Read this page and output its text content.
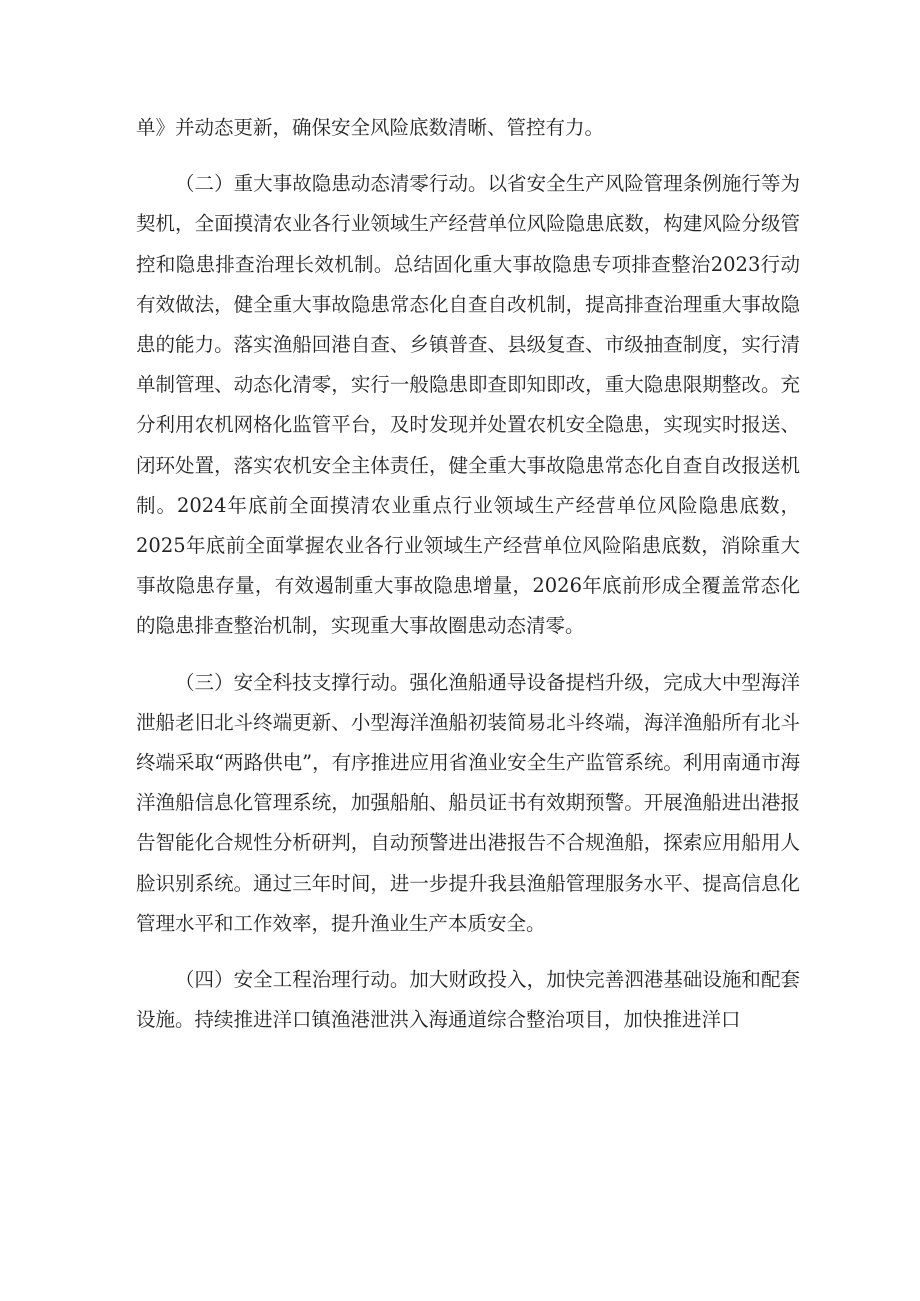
单》并动态更新，确保安全风险底数清晰、管控有力。

（二）重大事故隐患动态清零行动。以省安全生产风险管理条例施行等为契机，全面摸清农业各行业领域生产经营单位风险隐患底数，构建风险分级管控和隐患排查治理长效机制。总结固化重大事故隐患专项排查整治2023行动有效做法，健全重大事故隐患常态化自查自改机制，提高排查治理重大事故隐患的能力。落实渔船回港自查、乡镇普查、县级复查、市级抽查制度，实行清单制管理、动态化清零，实行一般隐患即查即知即改，重大隐患限期整改。充分利用农机网格化监管平台，及时发现并处置农机安全隐患，实现实时报送、闭环处置，落实农机安全主体责任，健全重大事故隐患常态化自查自改报送机制。2024年底前全面摸清农业重点行业领域生产经营单位风险隐患底数，2025年底前全面掌握农业各行业领域生产经营单位风险陷患底数，消除重大事故隐患存量，有效遏制重大事故隐患增量，2026年底前形成全覆盖常态化的隐患排查整治机制，实现重大事故圈患动态清零。

（三）安全科技支撑行动。强化渔船通导设备提档升级，完成大中型海洋泄船老旧北斗终端更新、小型海洋渔船初装简易北斗终端，海洋渔船所有北斗终端采取“两路供电”，有序推进应用省渔业安全生产监管系统。利用南通市海洋渔船信息化管理系统，加强船舶、船员证书有效期预警。开展渔船进出港报告智能化合规性分析研判，自动预警进出港报告不合规渔船，探索应用船用人脸识别系统。通过三年时间，进一步提升我县渔船管理服务水平、提高信息化管理水平和工作效率，提升渔业生产本质安全。

（四）安全工程治理行动。加大财政投入，加快完善泗港基础设施和配套设施。持续推进洋口镇渔港泄洪入海通道综合整治项目，加快推进洋口
